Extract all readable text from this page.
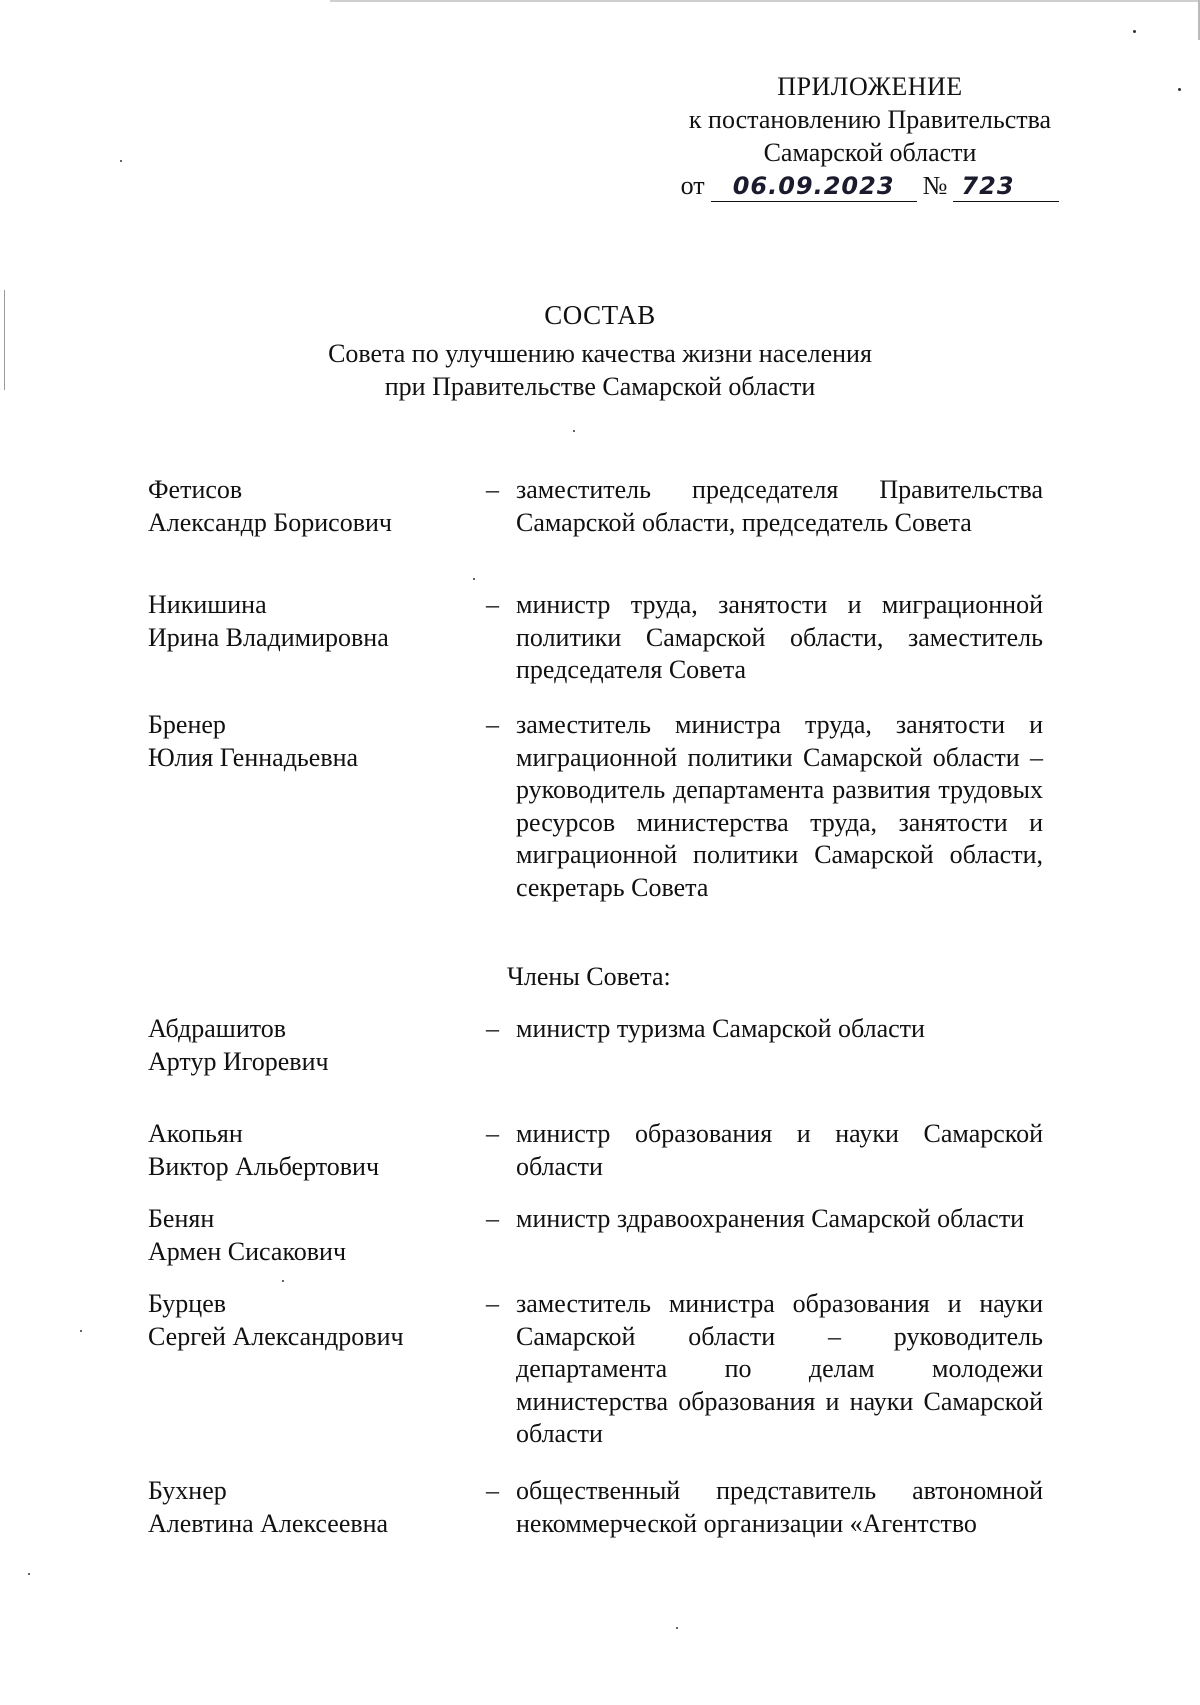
ПРИЛОЖЕНИЕ
к постановлению Правительства
Самарской области
от	06.09.2023	№ 723
СОСТАВ
Совета по улучшению качества жизни населения
при Правительстве Самарской области
Фетисов
Александр Борисович
– заместитель председателя Правительства Самарской области, председатель Совета
Никишина
Ирина Владимировна
– министр труда, занятости и миграционной политики Самарской области, заместитель председателя Совета
Бренер
Юлия Геннадьевна
– заместитель министра труда, занятости и миграционной политики Самарской области – руководитель департамента развития трудовых ресурсов министерства труда, занятости и миграционной политики Самарской области, секретарь Совета
Члены Совета:
Абдрашитов
Артур Игоревич
– министр туризма Самарской области
Акопьян
Виктор Альбертович
– министр образования и науки Самарской области
Бенян
Армен Сисакович
– министр здравоохранения Самарской области
Бурцев
Сергей Александрович
– заместитель министра образования и науки Самарской области – руководитель департамента по делам молодежи министерства образования и науки Самарской области
Бухнер
Алевтина Алексеевна
– общественный представитель автономной некоммерческой организации «Агентство
